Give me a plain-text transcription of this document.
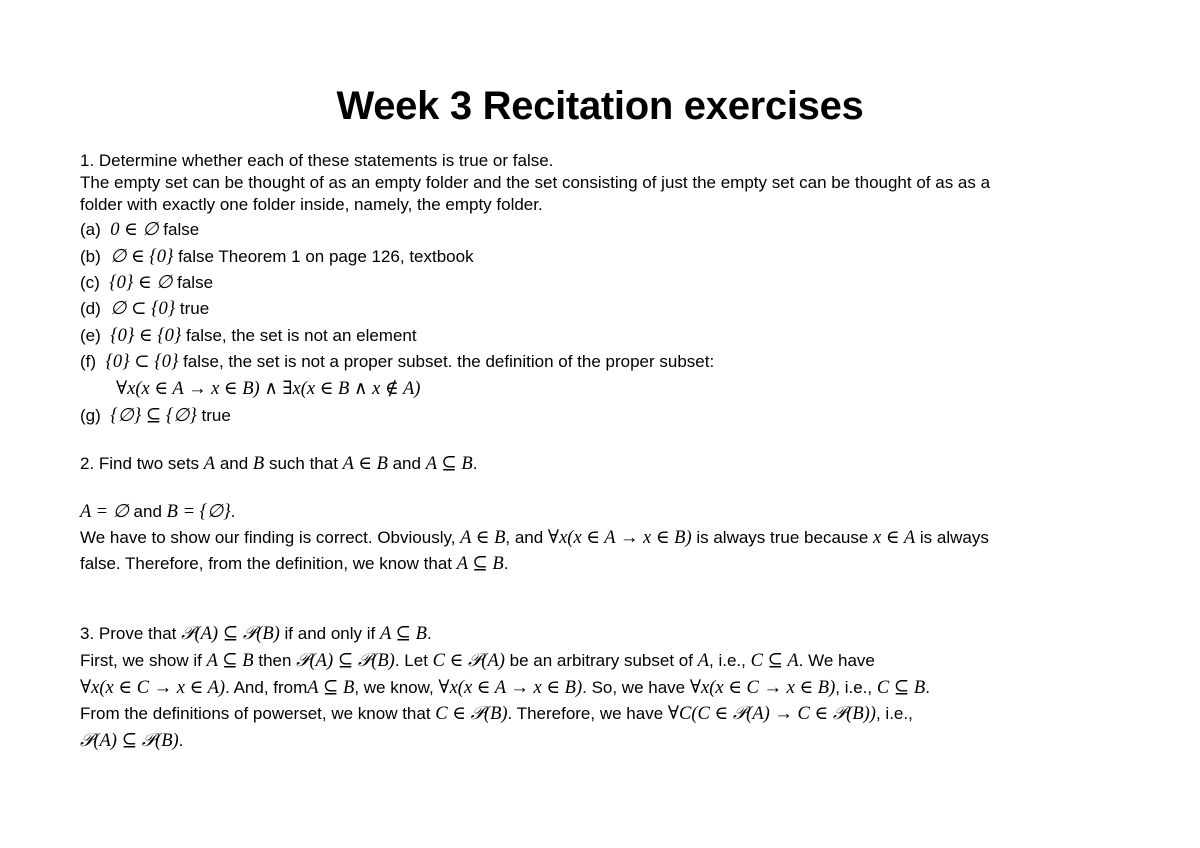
Week 3 Recitation exercises
1. Determine whether each of these statements is true or false.
The empty set can be thought of as an empty folder and the set consisting of just the empty set can be thought of as as a
folder with exactly one folder inside, namely, the empty folder.
(a) 0 ∈ ∅ false
(b) ∅ ∈ {0} false Theorem 1 on page 126, textbook
(c) {0} ∈ ∅ false
(d) ∅ ⊂ {0} true
(e) {0} ∈ {0} false, the set is not an element
(f) {0} ⊂ {0} false, the set is not a proper subset. the definition of the proper subset:
∀x(x ∈ A → x ∈ B) ∧ ∃x(x ∈ B ∧ x ∉ A)
(g) {∅} ⊆ {∅} true
2. Find two sets A and B such that A ∈ B and A ⊆ B.
A = ∅ and B = {∅}.
We have to show our finding is correct. Obviously, A ∈ B, and ∀x(x ∈ A → x ∈ B) is always true because x ∈ A is always
false. Therefore, from the definition, we know that A ⊆ B.
3. Prove that 𝒫(A) ⊆ 𝒫(B) if and only if A ⊆ B.
First, we show if A ⊆ B then 𝒫(A) ⊆ 𝒫(B). Let C ∈ 𝒫(A) be an arbitrary subset of A, i.e., C ⊆ A. We have
∀x(x ∈ C → x ∈ A). And, fromA ⊆ B, we know, ∀x(x ∈ A → x ∈ B). So, we have ∀x(x ∈ C → x ∈ B), i.e., C ⊆ B.
From the definitions of powerset, we know that C ∈ 𝒫(B). Therefore, we have ∀C(C ∈ 𝒫(A) → C ∈ 𝒫(B)), i.e.,
𝒫(A) ⊆ 𝒫(B).
